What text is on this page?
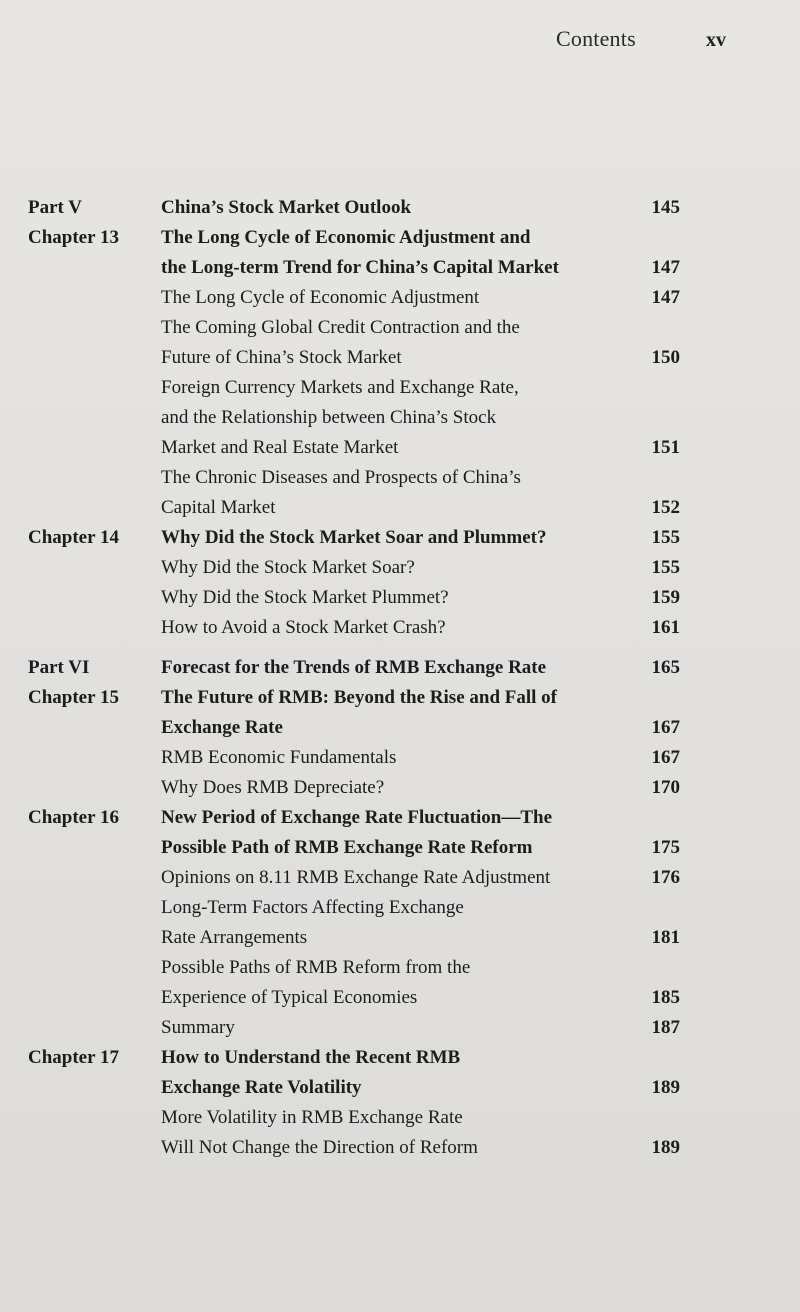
Contents	xv
Part V	China’s Stock Market Outlook	145
Chapter 13 The Long Cycle of Economic Adjustment and
the Long-term Trend for China’s Capital Market	147
The Long Cycle of Economic Adjustment	147
The Coming Global Credit Contraction and the
Future of China’s Stock Market	150
Foreign Currency Markets and Exchange Rate,
and the Relationship between China’s Stock
Market and Real Estate Market	151
The Chronic Diseases and Prospects of China’s
Capital Market	152
Chapter 14 Why Did the Stock Market Soar and Plummet?	155
Why Did the Stock Market Soar?	155
Why Did the Stock Market Plummet?	159
How to Avoid a Stock Market Crash?	161
Part VI	Forecast for the Trends of RMB Exchange Rate	165
Chapter 15 The Future of RMB: Beyond the Rise and Fall of
Exchange Rate	167
RMB Economic Fundamentals	167
Why Does RMB Depreciate?	170
Chapter 16 New Period of Exchange Rate Fluctuation—The
Possible Path of RMB Exchange Rate Reform	175
Opinions on 8.11 RMB Exchange Rate Adjustment	176
Long-Term Factors Affecting Exchange
Rate Arrangements	181
Possible Paths of RMB Reform from the
Experience of Typical Economies	185
Summary	187
Chapter 17 How to Understand the Recent RMB
Exchange Rate Volatility	189
More Volatility in RMB Exchange Rate
Will Not Change the Direction of Reform	189
